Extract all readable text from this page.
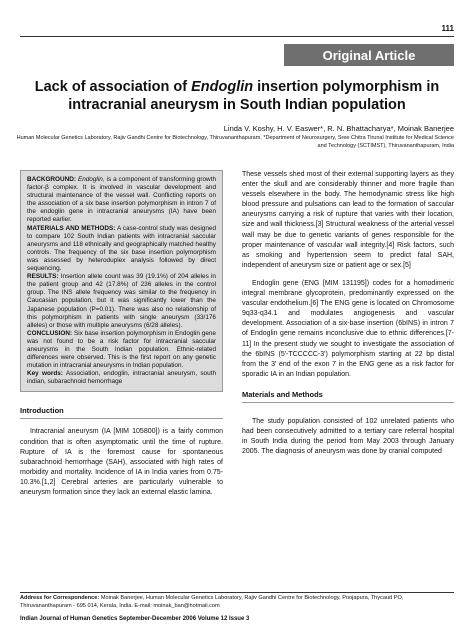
111
Original Article
Lack of association of Endoglin insertion polymorphism in intracranial aneurysm in South Indian population
Linda V. Koshy, H. V. Easwer*, R. N. Bhattacharya*, Moinak Banerjee
Human Molecular Genetics Laboratory, Rajiv Gandhi Centre for Biotechnology, Thiruvananthapuram, *Department of Neurosurgery, Sree Chitra Tirunal Institute for Medical Science and Technology (SCTIMST), Thiruvananthapuram, India

BACKGROUND: Endoglin, is a component of transforming growth factor-β complex. It is involved in vascular development and structural maintenance of the vessel wall. Conflicting reports on the association of a six base insertion polymorphism in intron 7 of the endoglin gene in intracranial aneurysms (IA) have been reported earlier.

MATERIALS AND METHODS: A case-control study was designed to compare 102 South Indian patients with intracranial saccular aneurysms and 118 ethnically and geographically matched healthy controls. The frequency of the six base insertion polymorphism was assessed by heteroduplex analysis followed by direct sequencing.

RESULTS: Insertion allele count was 39 (19.1%) of 204 alleles in the patient group and 42 (17.8%) of 236 alleles in the control group. The INS allele frequency was similar to the frequency in Caucasian population, but it was significantly lower than the Japanese population (P=0.01). There was also no relationship of this polymorphism in patients with single aneurysm (33/176 alleles) or those with multiple aneurysms (6/28 alleles).

CONCLUSION: Six base insertion polymorphism in Endoglin gene was not found to be a risk factor for intracranial saccular aneurysms in the South Indian population. Ethnic-related differences were observed. This is the first report on any genetic mutation in intracranial aneurysms in Indian population.

Key words: Association, endoglin, intracranial aneurysm, south indian, subarachnoid hemorrhage

Introduction

Intracranial aneurysm (IA [MIM 105800]) is a fairly common condition that is often asymptomatic until the time of rupture. Rupture of IA is the foremost cause for spontaneous subarachnoid hemorrhage (SAH), associated with high rates of morbidity and mortality. Incidence of IA in India varies from 0.75-10.3%.[1,2] Cerebral arteries are particularly vulnerable to aneurysm formation since they lack an external elastic lamina.

These vessels shed most of their external supporting layers as they enter the skull and are considerably thinner and more fragile than vessels elsewhere in the body. The hemodynamic stress like high blood pressure and pulsations can lead to the formation of saccular aneurysms carrying a risk of rupture that varies with their location, size and wall thickness.[3] Structural weakness of the arterial vessel wall may be due to genetic variants of genes responsible for the proper maintenance of vascular wall integrity.[4] Risk factors, such as smoking and hypertension seem to predict fatal SAH, independent of aneurysm size or patient age or sex.[5]

Endoglin gene (ENG [MIM 131195]) codes for a homodimeric integral membrane glycoprotein, predominantly expressed on the vascular endothelium.[6] The ENG gene is located on Chromosome 9q33-q34.1 and modulates angiogenesis and vascular development. Association of a six-base insertion (6bINS) in intron 7 of Endoglin gene remains inconclusive due to ethnic differences.[7-11] In the present study we sought to investigate the association of the 6bINS (5'-TCCCCC-3') polymorphism starting at 22 bp distal from the 3' end of the exon 7 in the ENG gene as a risk factor for sporadic IA in an Indian population.

Materials and Methods

The study population consisted of 102 unrelated patients who had been consecutively admitted to a tertiary care referral hospital in South India during the period from May 2003 through January 2005. The diagnosis of aneurysm was done by cranial computed

Address for Correspondence: Moinak Banerjee, Human Molecular Genetics Laboratory, Rajiv Gandhi Centre for Biotechnology, Poojapura, Thycaud PO, Thiruvananthapuram - 695 014, Kerala, India. E-mail: moinak_ban@hotmail.com
Indian Journal of Human Genetics September-December 2006 Volume 12 Issue 3
